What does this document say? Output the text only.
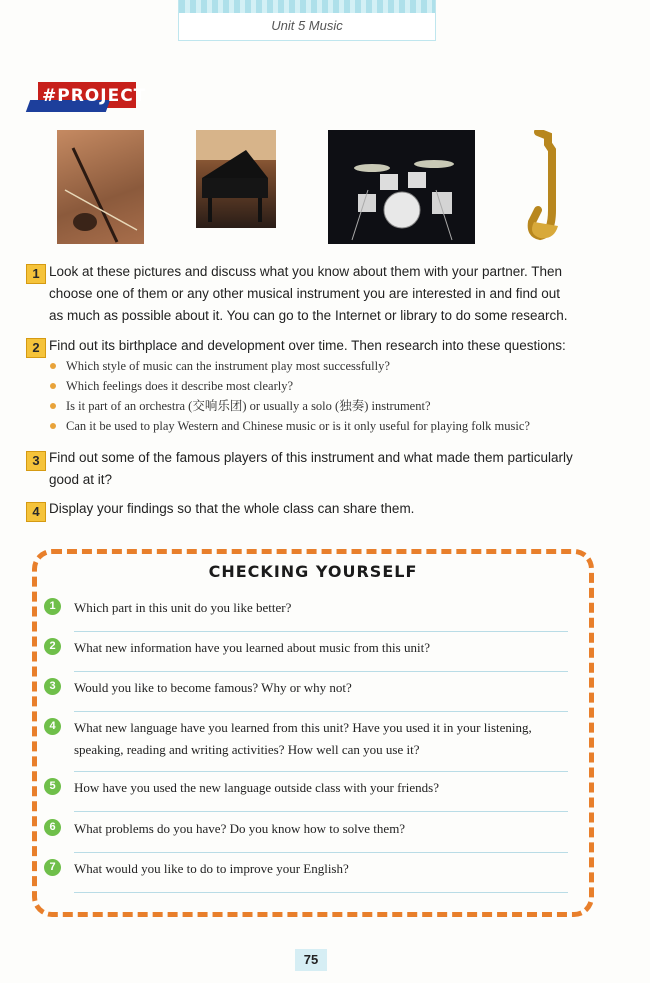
Unit 5 Music
#PROJECT
1 Look at these pictures and discuss what you know about them with your partner. Then
choose one of them or any other musical instrument you are interested in and find out
as much as possible about it. You can go to the Internet or library to do some research.
2 Find out its birthplace and development over time. Then research into these questions:
Which style of music can the instrument play most successfully?
Which feelings does it describe most clearly?
Is it part of an orchestra (交响乐团) or usually a solo (独奏) instrument?
Can it be used to play Western and Chinese music or is it only useful for playing folk music?
3 Find out some of the famous players of this instrument and what made them particularly
good at it?
4 Display your findings so that the whole class can share them.
CHECKING YOURSELF
1	Which part in this unit do you like better?
2	What new information have you learned about music from this unit?
3	Would you like to become famous? Why or why not?
4	What new language have you learned from this unit? Have you used it in your listening,
speaking, reading and writing activities? How well can you use it?
5	How have you used the new language outside class with your friends?
6	What problems do you have? Do you know how to solve them?
7	What would you like to do to improve your English?
75
